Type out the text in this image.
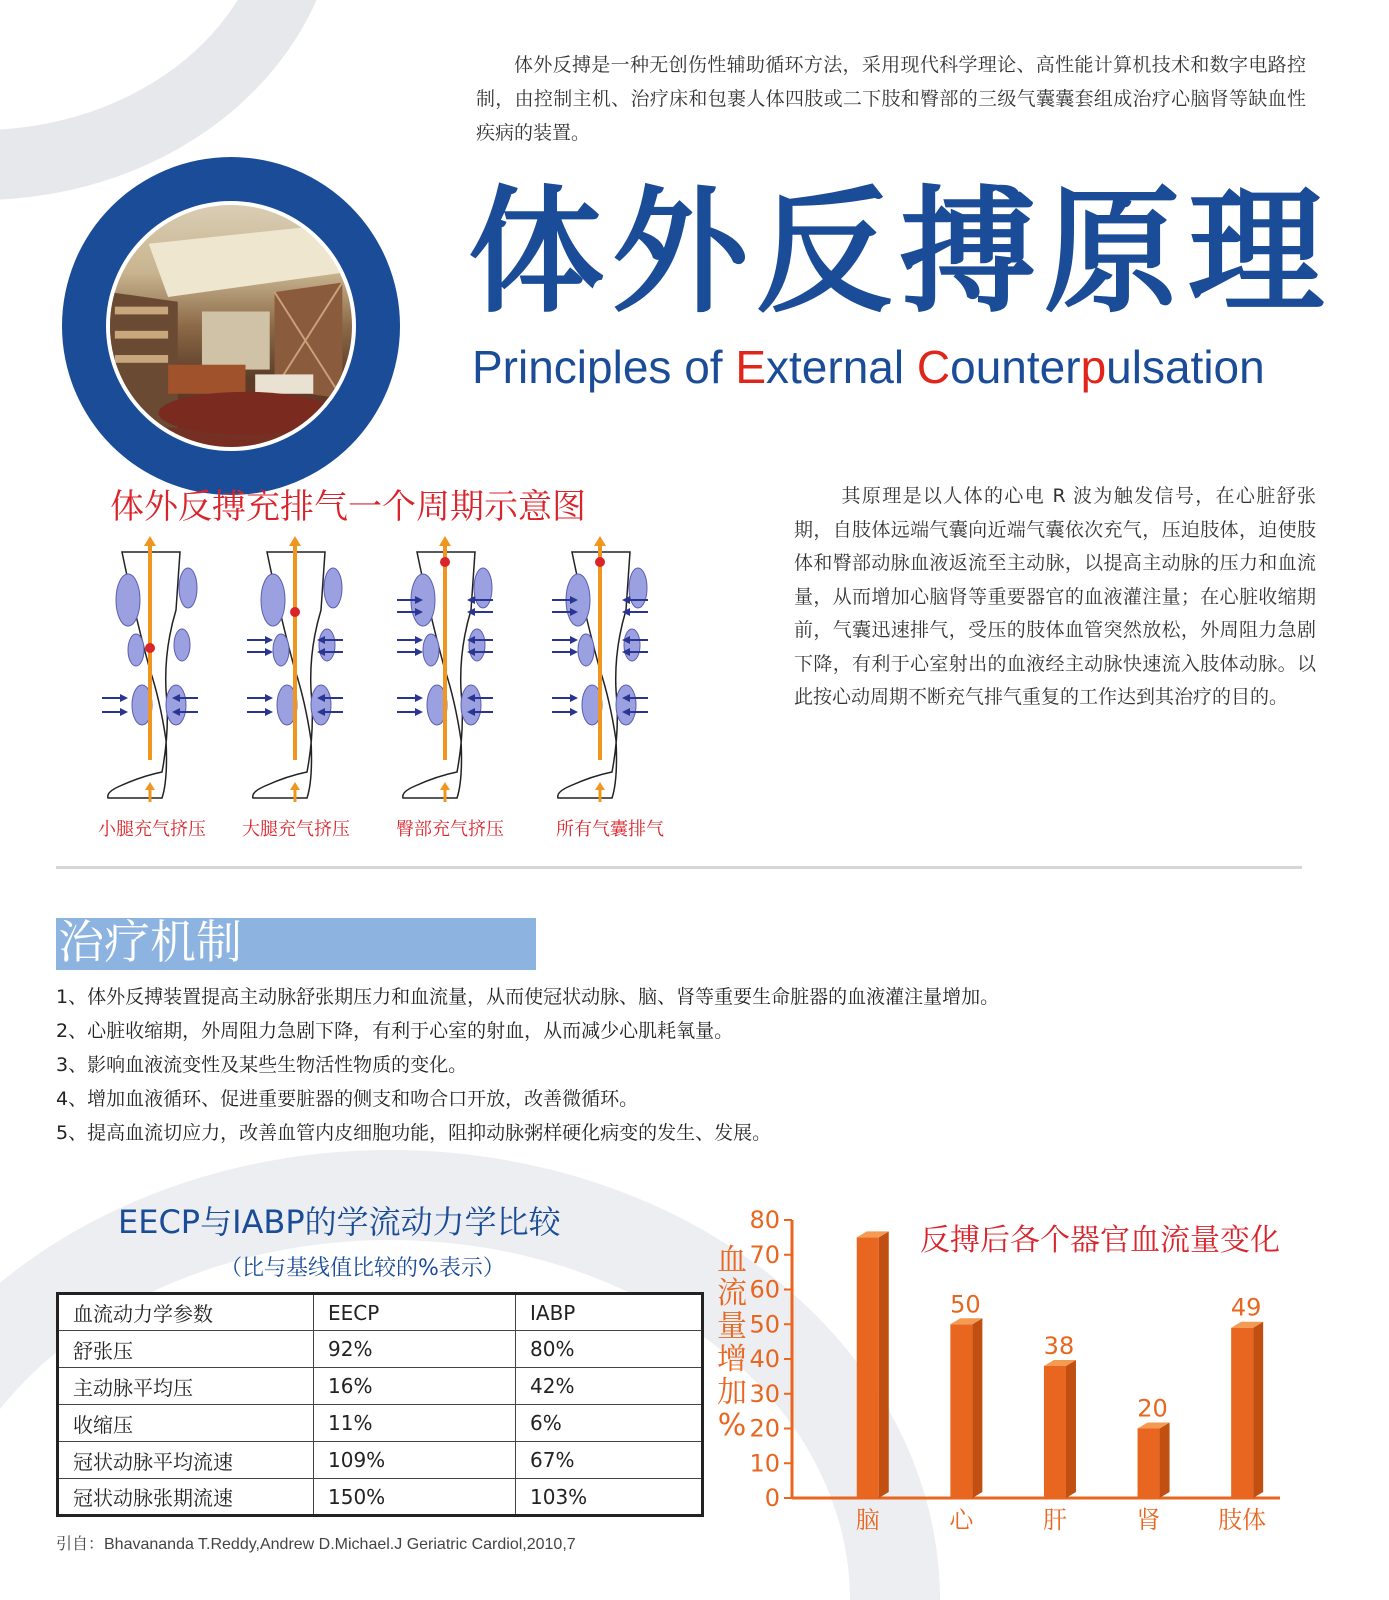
体外反搏是一种无创伤性辅助循环方法，采用现代科学理论、高性能计算机技术和数字电路控制，由控制主机、治疗床和包裹人体四肢或二下肢和臀部的三级气囊囊套组成治疗心脑肾等缺血性疾病的装置。

体外反搏原理
Principles of External Counterpulsation
体外反搏充排气一个周期示意图
小腿充气挤压 大腿充气挤压	臀部充气挤压	所有气囊排气

其原理是以人体的心电 R 波为触发信号，在心脏舒张期，自肢体远端气囊向近端气囊依次充气，压迫肢体，迫使肢体和臀部动脉血液返流至主动脉，以提高主动脉的压力和血流量，从而增加心脑肾等重要器官的血液灌注量；在心脏收缩期前，气囊迅速排气，受压的肢体血管突然放松，外周阻力急剧下降，有利于心室射出的血液经主动脉快速流入肢体动脉。以此按心动周期不断充气排气重复的工作达到其治疗的目的。

治疗机制
1、体外反搏装置提高主动脉舒张期压力和血流量，从而使冠状动脉、脑、肾等重要生命脏器的血液灌注量增加。
2、心脏收缩期，外周阻力急剧下降，有利于心室的射血，从而减少心肌耗氧量。
3、影响血液流变性及某些生物活性物质的变化。
4、增加血液循环、促进重要脏器的侧支和吻合口开放，改善微循环。
5、提高血流切应力，改善血管内皮细胞功能，阻抑动脉粥样硬化病变的发生、发展。
EECP与IABP的学流动力学比较
（比与基线值比较的%表示）
血流动力学参数	EECP	IABP
舒张压	92%	80%
主动脉平均压	16%	42%
收缩压	11%	6%
冠状动脉平均流速	109%	67%
冠状动脉张期流速	150%	103%
引自：Bhavananda T.Reddy,Andrew D.Michael.J Geriatric Cardiol,2010,7
0
10
20
30
40
50
60
70
80
血
流
量
增
加
%
反搏后各个器官血流量变化
脑
50
心
38
肝
20
肾
49
肢体
